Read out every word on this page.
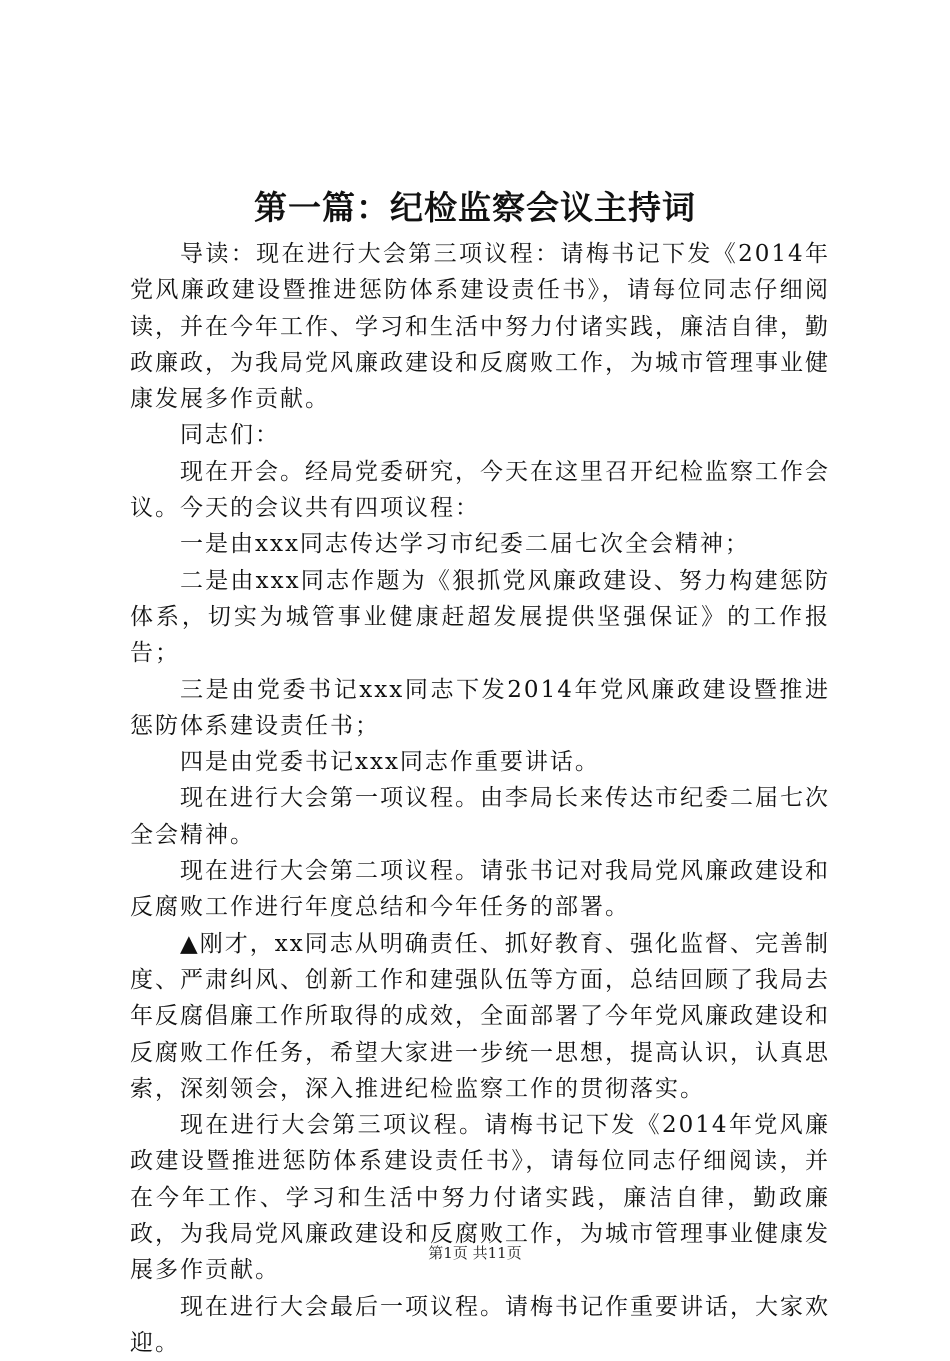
第一篇：纪检监察会议主持词

导读：现在进行大会第三项议程：请梅书记下发《2014年党风廉政建设暨推进惩防体系建设责任书》，请每位同志仔细阅读，并在今年工作、学习和生活中努力付诸实践，廉洁自律，勤政廉政，为我局党风廉政建设和反腐败工作，为城市管理事业健康发展多作贡献。

同志们：

现在开会。经局党委研究，今天在这里召开纪检监察工作会议。今天的会议共有四项议程：

一是由xxx同志传达学习市纪委二届七次全会精神；

二是由xxx同志作题为《狠抓党风廉政建设、努力构建惩防体系，切实为城管事业健康赶超发展提供坚强保证》的工作报告；

三是由党委书记xxx同志下发2014年党风廉政建设暨推进惩防体系建设责任书；

四是由党委书记xxx同志作重要讲话。

现在进行大会第一项议程。由李局长来传达市纪委二届七次全会精神。

现在进行大会第二项议程。请张书记对我局党风廉政建设和反腐败工作进行年度总结和今年任务的部署。

▲刚才，xx同志从明确责任、抓好教育、强化监督、完善制度、严肃纠风、创新工作和建强队伍等方面，总结回顾了我局去年反腐倡廉工作所取得的成效，全面部署了今年党风廉政建设和反腐败工作任务，希望大家进一步统一思想，提高认识，认真思索，深刻领会，深入推进纪检监察工作的贯彻落实。

现在进行大会第三项议程。请梅书记下发《2014年党风廉政建设暨推进惩防体系建设责任书》，请每位同志仔细阅读，并在今年工作、学习和生活中努力付诸实践，廉洁自律，勤政廉政，为我局党风廉政建设和反腐败工作，为城市管理事业健康发展多作贡献。

现在进行大会最后一项议程。请梅书记作重要讲话，大家欢迎。

第1页 共11页
